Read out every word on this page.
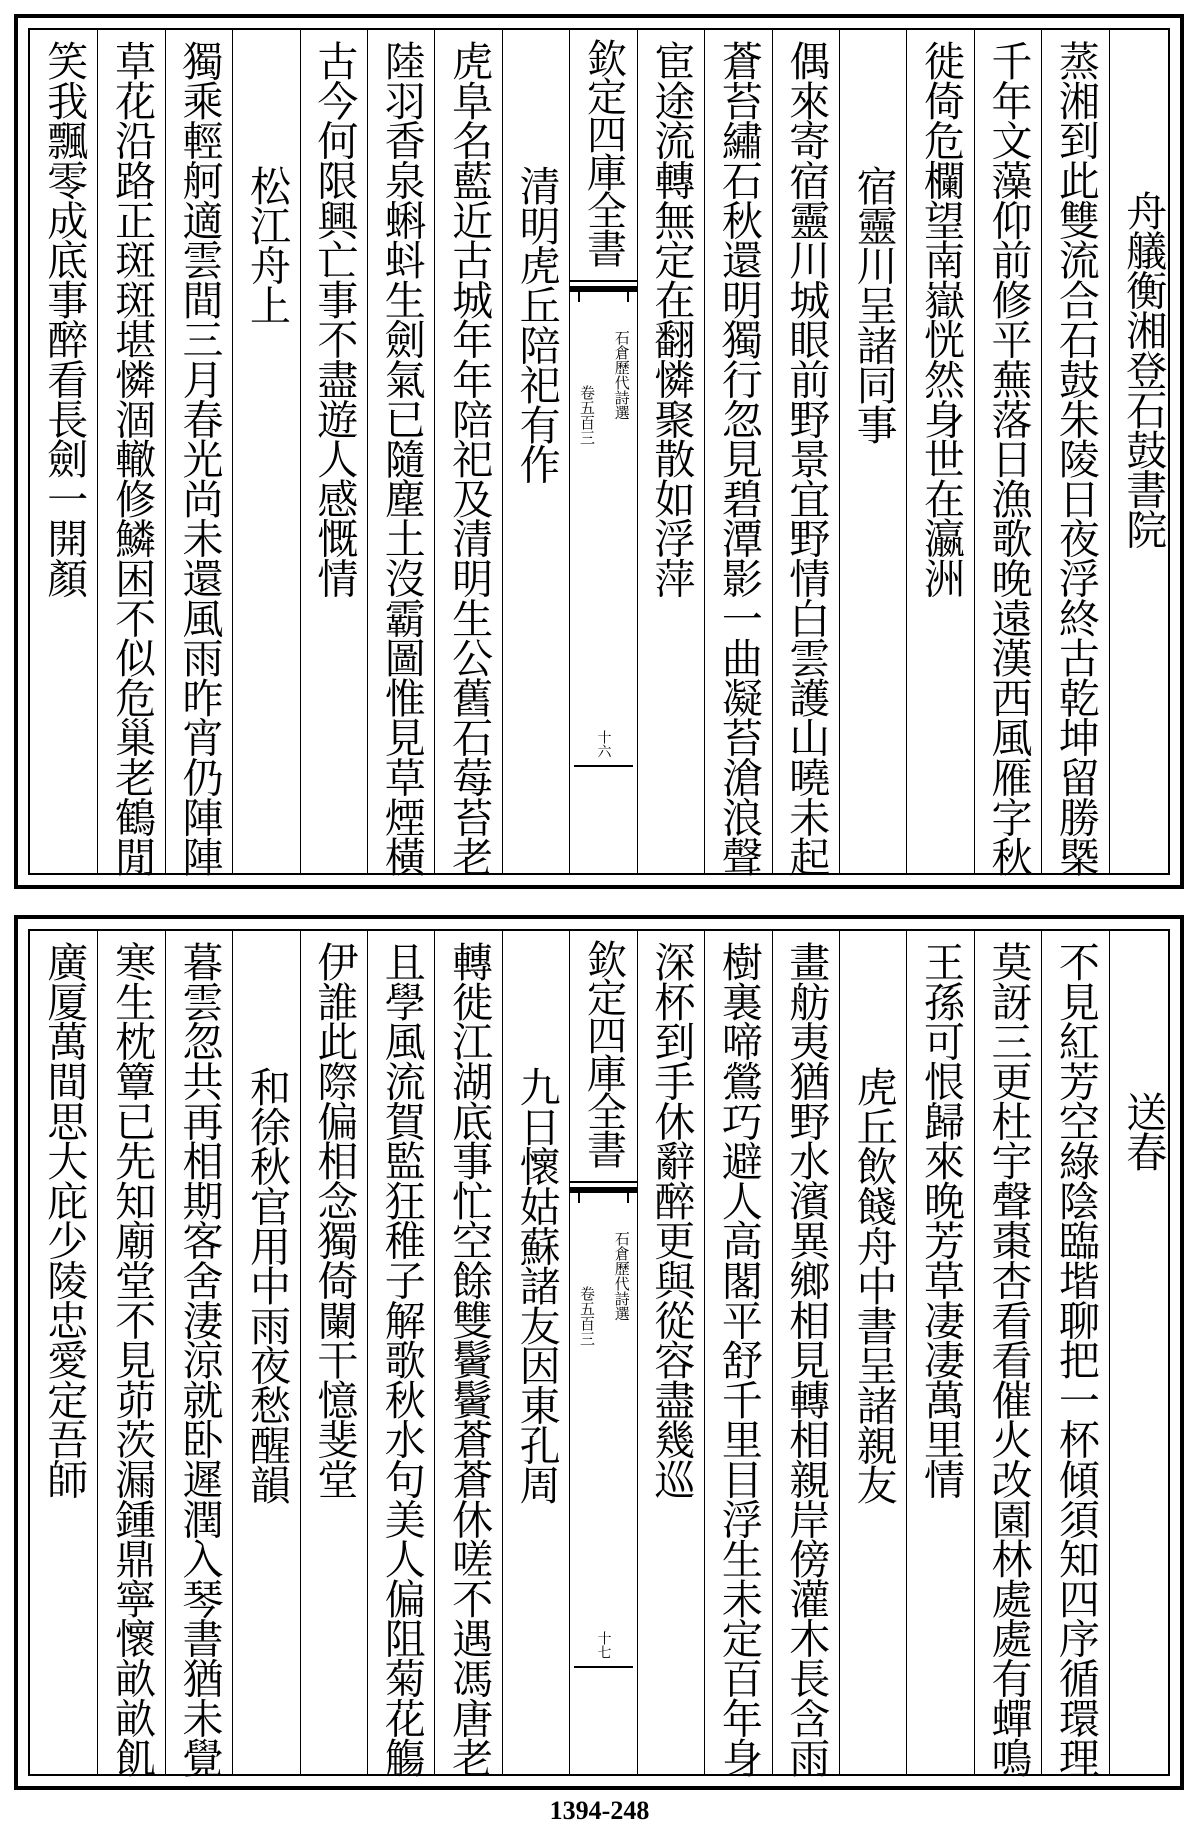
舟艤衡湘登石鼓書院
蒸湘到此雙流合石鼓朱陵日夜浮終古乾坤留勝槩
千年文藻仰前修平蕪落日漁歌晚遠漢西風雁字秋
徙倚危欄望南嶽恍然身世在瀛洲
宿靈川呈諸同事
偶來寄宿靈川城眼前野景宜野情白雲護山曉未起
蒼苔繡石秋還明獨行忽見碧潭影一曲凝苔滄浪聲
宦途流轉無定在翻憐聚散如浮萍
欽定四庫全書
石倉歷代詩選
卷五百三
十六
清明虎丘陪祀有作
虎阜名藍近古城年年陪祀及清明生公舊石莓苔老
陸羽香泉蝌蚪生劍氣已隨塵土沒霸圖惟見草煙橫
古今何限興亡事不盡遊人感慨情
松江舟上
獨乘輕舸適雲間三月春光尚未還風雨昨宵仍陣陣
草花沿路正斑斑堪憐涸轍修鱗困不似危巢老鶴閒
笑我飄零成底事醉看長劍一開顏
送春
不見紅芳空綠陰臨堦聊把一杯傾須知四序循環理
莫訝三更杜宇聲棗杏看看催火改園林處處有蟬鳴
王孫可恨歸來晚芳草凄凄萬里情
虎丘飲餞舟中書呈諸親友
畫舫夷猶野水濱異鄉相見轉相親岸傍灌木長含雨
樹裏啼鶯巧避人高閣平舒千里目浮生未定百年身
深杯到手休辭醉更與從容盡幾巡
欽定四庫全書
石倉歷代詩選
卷五百三
十七
九日懷姑蘇諸友因東孔周
轉徙江湖底事忙空餘雙鬢鬢蒼蒼休嗟不遇馮唐老
且學風流賀監狂稚子解歌秋水句美人偏阻菊花觴
伊誰此際偏相念獨倚闌干憶斐堂
和徐秋官用中雨夜愁醒韻
暮雲忽共再相期客舍淒涼就卧遲潤入琴書猶未覺
寒生枕簟已先知廟堂不見茆茨漏鍾鼎寧懷畝畝飢
廣厦萬間思大庇少陵忠愛定吾師
1394-248
